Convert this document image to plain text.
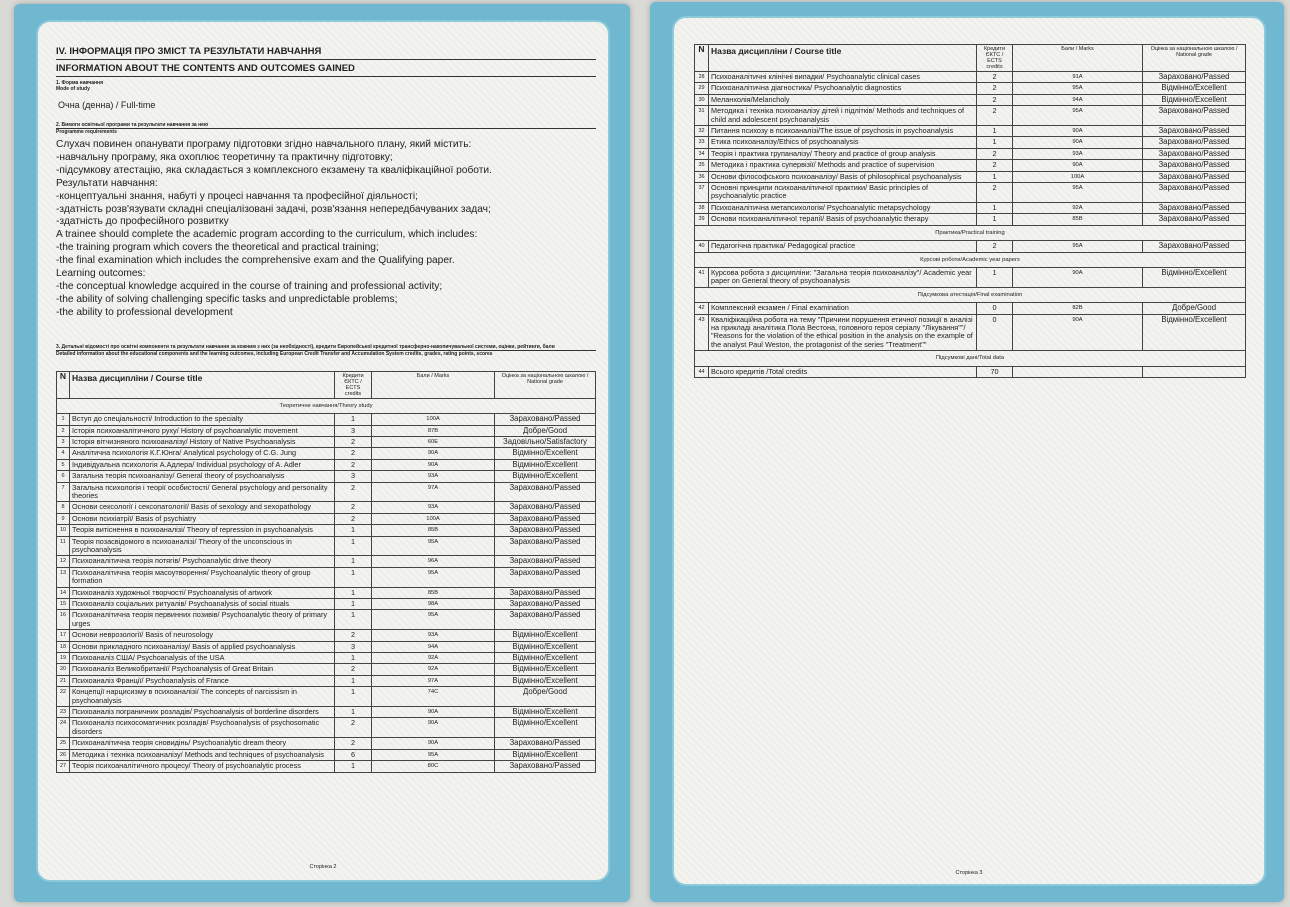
IV. ІНФОРМАЦІЯ ПРО ЗМІСТ ТА РЕЗУЛЬТАТИ НАВЧАННЯ
INFORMATION ABOUT THE CONTENTS AND OUTCOMES GAINED
1. Форма навчання
Mode of study
Очна (денна) / Full-time
2. Вимоги освітньої програми та результати навчання за нею
Programme requirements
Слухач повинен опанувати програму підготовки згідно навчального плану, який містить:
-навчальну програму, яка охоплює теоретичну та практичну підготовку;
-підсумкову атестацію, яка складається з комплексного екзамену та кваліфікаційної роботи.
Результати навчання:
-концептуальні знання, набуті у процесі навчання та професійної діяльності;
-здатність розв'язувати складні спеціалізовані задачі, розв'язання непередбачуваних задач;
-здатність до професійного розвитку
A trainee should complete the academic program according to the curriculum, which includes:
-the training program which covers the theoretical and practical training;
-the final examination which includes the comprehensive exam and the Qualifying paper.
Learning outcomes:
-the conceptual knowledge acquired in the course of training and professional activity;
-the ability of solving challenging specific tasks and unpredictable problems;
-the ability to professional development
3. Детальні відомості про освітні компоненти та результати навчання за кожним з них (за необхідності), кредити Європейської кредитної трансферно-накопичувальної системи, оцінки, рейтинги, бали
Detailed information about the educational components and the learning outcomes, including European Credit Transfer and Accumulation System credits, grades, rating points, scores
N	Назва дисципліни / Course title	Кредити ЄКТС / ECTS credits	Бали / Marks	Оцінка за національною шкалою / National grade
Теоретичне навчання/Theory study				
1	Вступ до спеціальності/ Introduction to the specialty	1	100A	Зараховано/Passed
2	Історія психоаналітичного руху/ History of psychoanalytic movement	3	87B	Добре/Good
3	Історія вітчизняного психоаналізу/ History of Native Psychoanalysis	2	60E	Задовільно/Satisfactory
4	Аналітична психологія К.Г.Юнга/ Analytical psychology of C.G. Jung	2	90A	Відмінно/Excellent
5	Індивідуальна психологія А.Адлера/ Individual psychology of A. Adler	2	90A	Відмінно/Excellent
6	Загальна теорія психоаналізу/ General theory of psychoanalysis	3	93A	Відмінно/Excellent
7	Загальна психологія і теорії особистості/ General psychology and personality theories	2	97A	Зараховано/Passed
8	Основи сексології і сексопатології/ Basis of sexology and sexopathology	2	93A	Зараховано/Passed
9	Основи психіатрії/ Basis of psychiatry	2	100A	Зараховано/Passed
10	Теорія витіснення в психоаналізі/ Theory of repression in psychoanalysis	1	85B	Зараховано/Passed
11	Теорія позасвідомого в психоаналізі/ Theory of the unconscious in psychoanalysis	1	95A	Зараховано/Passed
12	Психоаналітична теорія потягів/ Psychoanalytic drive theory	1	96A	Зараховано/Passed
13	Психоаналітична теорія масоутворення/ Psychoanalytic theory of group formation	1	95A	Зараховано/Passed
14	Психоаналіз художньої творчості/ Psychoanalysis of artwork	1	85B	Зараховано/Passed
15	Психоаналіз соціальних ритуалів/ Psychoanalysis of social rituals	1	98A	Зараховано/Passed
16	Психоаналітична теорія первинних позивів/ Psychoanalytic theory of primary urges	1	95A	Зараховано/Passed
17	Основи неврозології/ Basis of neurosology	2	93A	Відмінно/Excellent
18	Основи прикладного психоаналізу/ Basis of applied psychoanalysis	3	94A	Відмінно/Excellent
19	Психоаналіз США/ Psychoanalysis of the USA	1	92A	Відмінно/Excellent
20	Психоаналіз Великобританії/ Psychoanalysis of Great Britain	2	92A	Відмінно/Excellent
21	Психоаналіз Франції/ Psychoanalysis of France	1	97A	Відмінно/Excellent
22	Концепції нарцисизму в психоаналізі/ The concepts of narcissism in psychoanalysis	1	74C	Добре/Good
23	Психоаналіз пограничних розладів/ Psychoanalysis of borderline disorders	1	90A	Відмінно/Excellent
24	Психоаналіз психосоматичних розладів/ Psychoanalysis of psychosomatic disorders	2	90A	Відмінно/Excellent
25	Психоаналітична теорія сновидінь/ Psychoanalytic dream theory	2	90A	Зараховано/Passed
26	Методика і техніка психоаналізу/ Methods and techniques of psychoanalysis	6	95A	Відмінно/Excellent
27	Теорія психоаналітичного процесу/ Theory of psychoanalytic process	1	80C	Зараховано/Passed
Сторінка 2
N	Назва дисципліни / Course title	Кредити ЄКТС / ECTS credits	Бали / Marks	Оцінка за національною шкалою / National grade
28	Психоаналітичні клінічні випадки/ Psychoanalytic clinical cases	2	91A	Зараховано/Passed
29	Психоаналітична діагностика/ Psychoanalytic diagnostics	2	95A	Відмінно/Excellent
30	Меланхолія/Melancholy	2	94A	Відмінно/Excellent
31	Методика і техніка психоаналізу дітей і підлітків/ Methods and techniques of child and adolescent psychoanalysis	2	95A	Зараховано/Passed
32	Питання психозу в психоаналізі/The issue of psychosis in psychoanalysis	1	90A	Зараховано/Passed
33	Етика психоаналізу/Ethics of psychoanalysis	1	90A	Зараховано/Passed
34	Теорія і практика групаналізу/ Theory and practice of group analysis	2	93A	Зараховано/Passed
35	Методика і практика супервізії/ Methods and practice of supervision	2	90A	Зараховано/Passed
36	Основи філософського психоаналізу/ Basis of philosophical psychoanalysis	1	100A	Зараховано/Passed
37	Основні принципи психоаналітичної практики/ Basic principles of psychoanalytic practice	2	95A	Зараховано/Passed
38	Психоаналітична метапсихологія/ Psychoanalytic metapsychology	1	92A	Зараховано/Passed
39	Основи психоаналітичної терапії/ Basis of psychoanalytic therapy	1	85B	Зараховано/Passed
Практика/Practical training				
40	Педагогічна практика/ Pedagogical practice	2	95A	Зараховано/Passed
Курсові роботи/Academic year papers				
41	Курсова робота з дисципліни: "Загальна теорія психоаналізу"/ Academic year paper on General theory of psychoanalysis	1	90A	Відмінно/Excellent
Підсумкова атестація/Final examination				
42	Комплексний екзамен / Final examination	0	82B	Добре/Good
43	Кваліфікаційна робота на тему "Причини порушення етичної позиції в аналізі на прикладі аналітика Пола Вестона, головного героя серіалу "Лікування""/ "Reasons for the violation of the ethical position in the analysis on the example of the analyst Paul Weston, the protagonist of the series "Treatment""	0	90A	Відмінно/Excellent
Підсумкові дані/Total data				
44	Всього кредитів /Total credits	70		
Сторінка 3
